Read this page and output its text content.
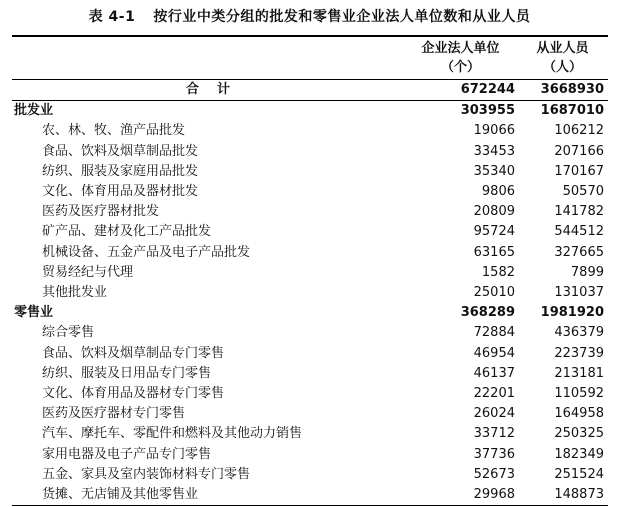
表 4-1 按行业中类分组的批发和零售业企业法人单位数和从业人员
	企业法人单位	从业人员
	（个）	（人）
合    计	672244	3668930
批发业	303955	1687010
农、林、牧、渔产品批发	19066	106212
食品、饮料及烟草制品批发	33453	207166
纺织、服装及家庭用品批发	35340	170167
文化、体育用品及器材批发	9806	50570
医药及医疗器材批发	20809	141782
矿产品、建材及化工产品批发	95724	544512
机械设备、五金产品及电子产品批发	63165	327665
贸易经纪与代理	1582	7899
其他批发业	25010	131037
零售业	368289	1981920
综合零售	72884	436379
食品、饮料及烟草制品专门零售	46954	223739
纺织、服装及日用品专门零售	46137	213181
文化、体育用品及器材专门零售	22201	110592
医药及医疗器材专门零售	26024	164958
汽车、摩托车、零配件和燃料及其他动力销售	33712	250325
家用电器及电子产品专门零售	37736	182349
五金、家具及室内装饰材料专门零售	52673	251524
货摊、无店铺及其他零售业	29968	148873
